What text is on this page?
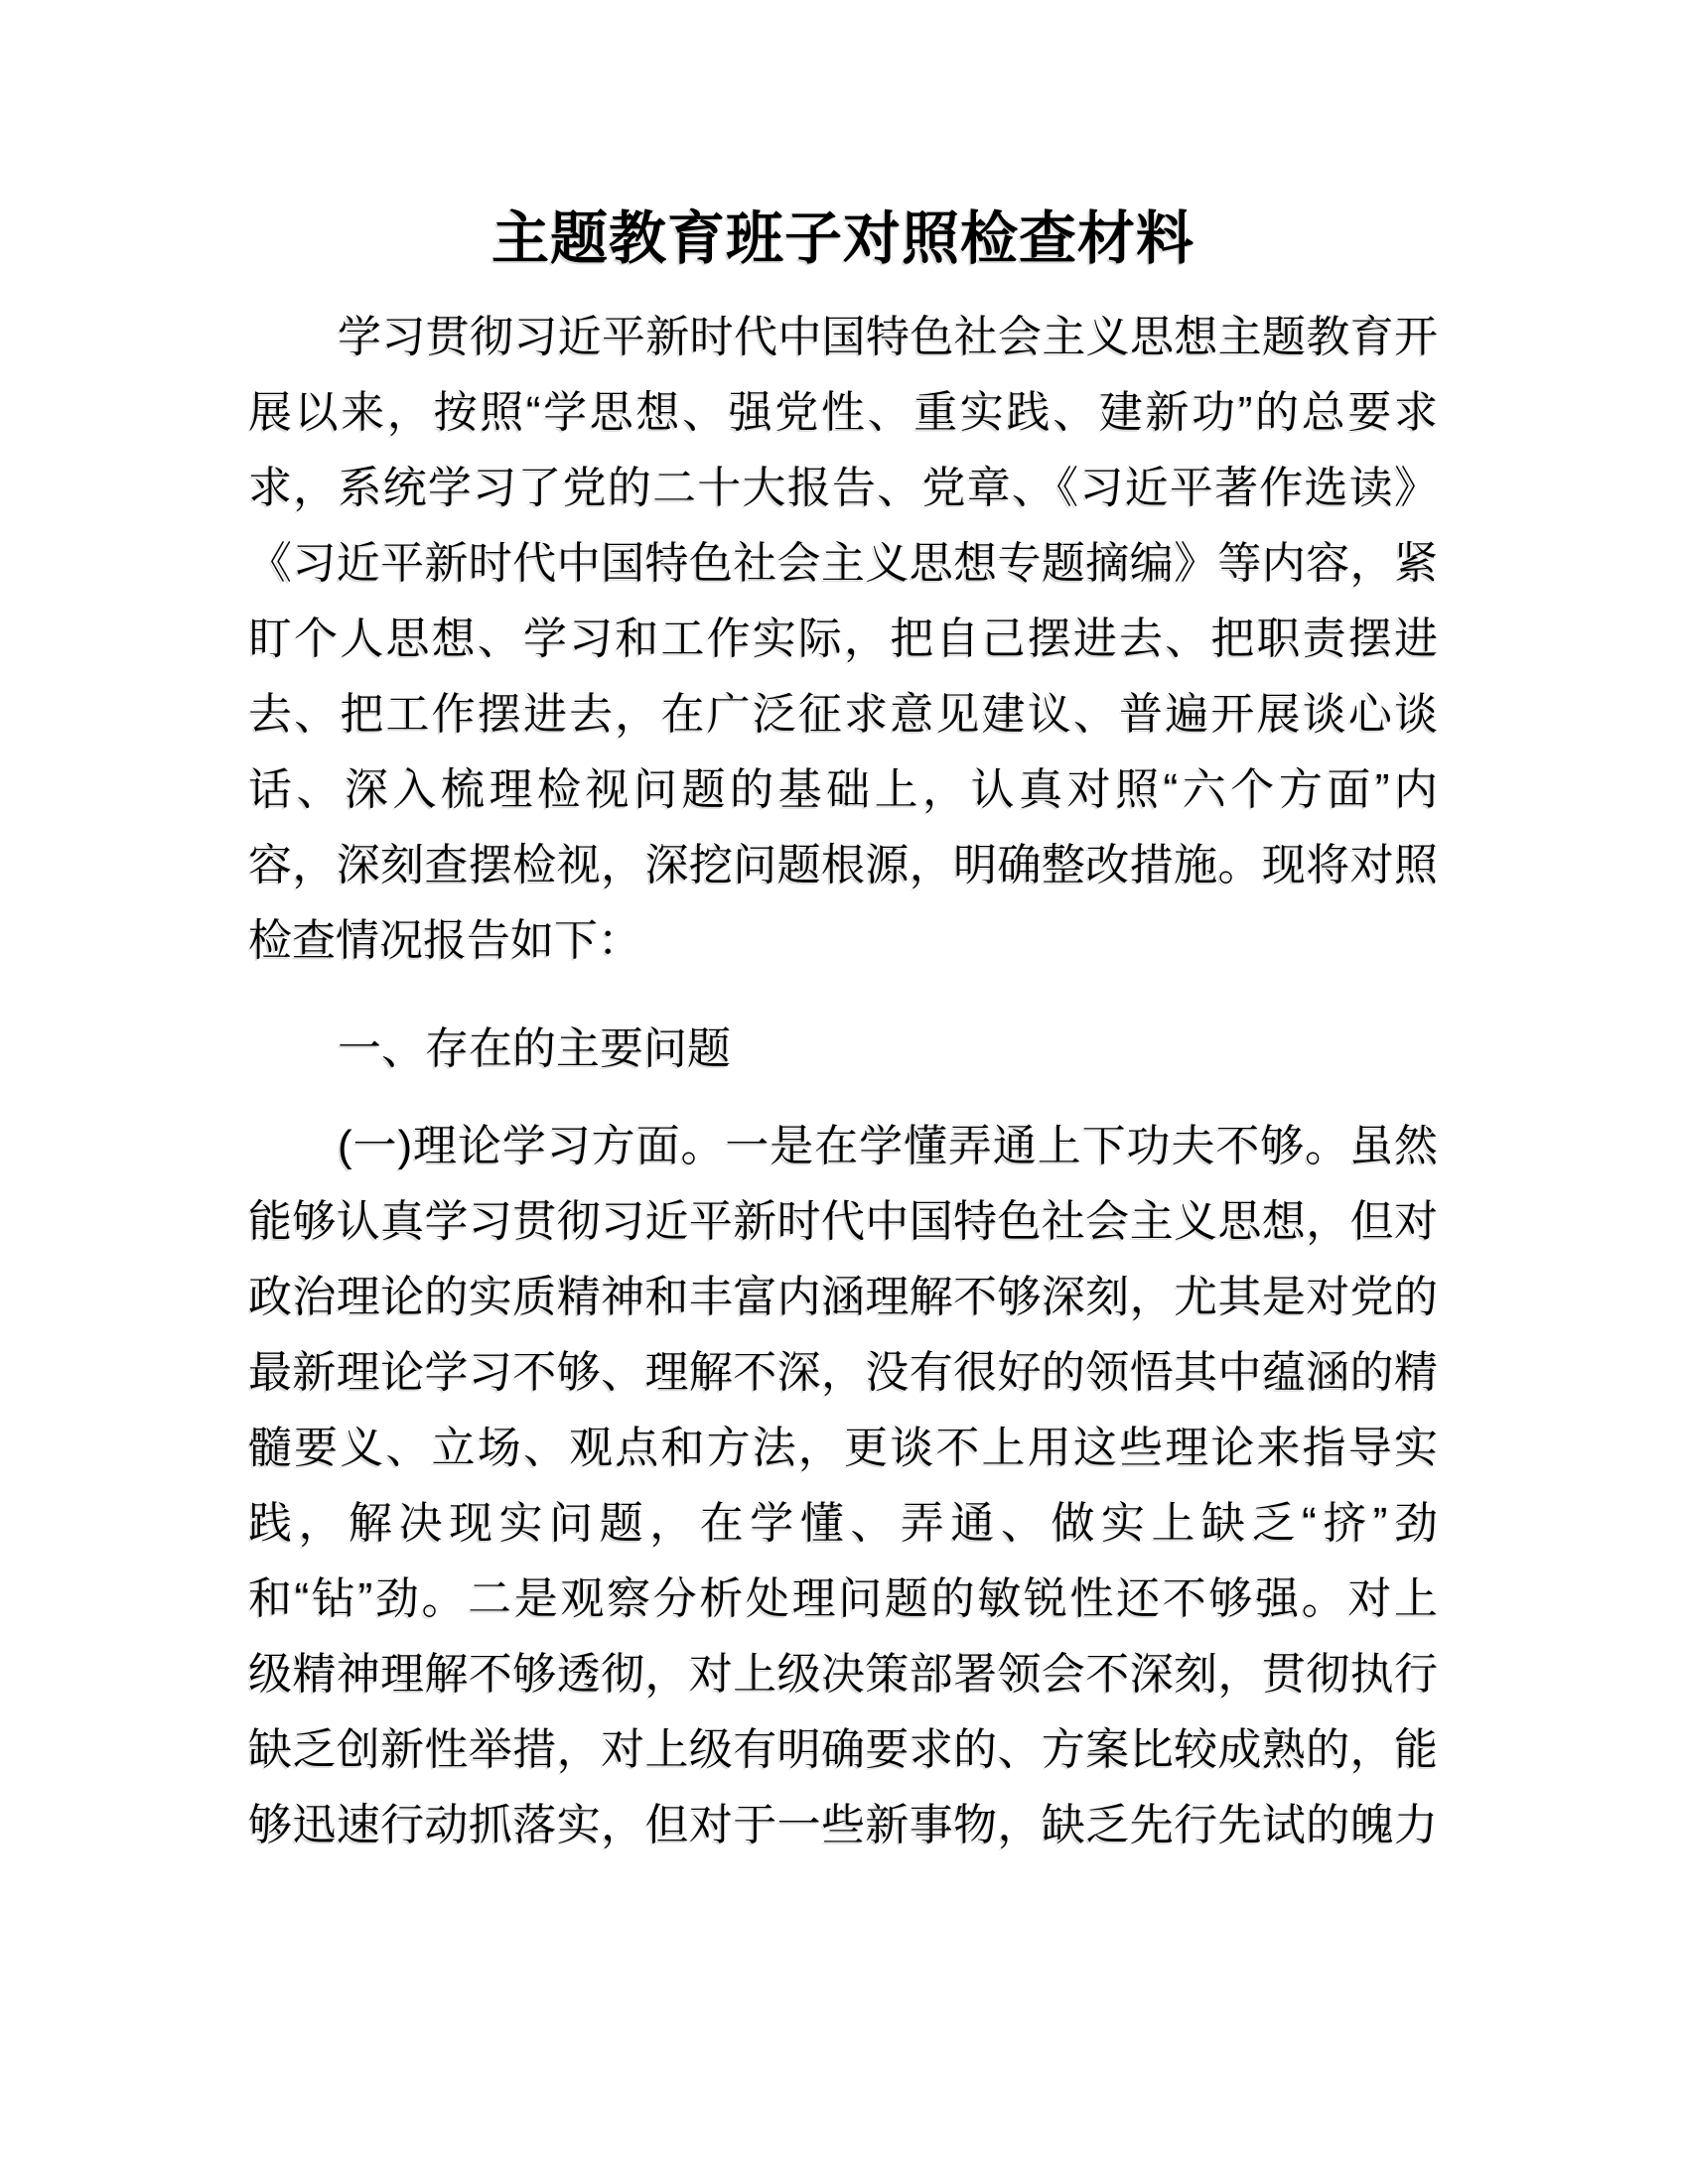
主题教育班子对照检查材料
学习贯彻习近平新时代中国特色社会主义思想主题教育开
展以来，按照“学思想、强党性、重实践、建新功”的总要求
求，系统学习了党的二十大报告、党章、《习近平著作选读》
《习近平新时代中国特色社会主义思想专题摘编》等内容，紧
盯个人思想、学习和工作实际，把自己摆进去、把职责摆进
去、把工作摆进去，在广泛征求意见建议、普遍开展谈心谈
话、深入梳理检视问题的基础上，认真对照“六个方面”内
容，深刻查摆检视，深挖问题根源，明确整改措施。现将对照
检查情况报告如下：
一、存在的主要问题
(一)理论学习方面。一是在学懂弄通上下功夫不够。虽然
能够认真学习贯彻习近平新时代中国特色社会主义思想，但对
政治理论的实质精神和丰富内涵理解不够深刻，尤其是对党的
最新理论学习不够、理解不深，没有很好的领悟其中蕴涵的精
髓要义、立场、观点和方法，更谈不上用这些理论来指导实
践，解决现实问题，在学懂、弄通、做实上缺乏“挤”劲
和“钻”劲。二是观察分析处理问题的敏锐性还不够强。对上
级精神理解不够透彻，对上级决策部署领会不深刻，贯彻执行
缺乏创新性举措，对上级有明确要求的、方案比较成熟的，能
够迅速行动抓落实，但对于一些新事物，缺乏先行先试的魄力
